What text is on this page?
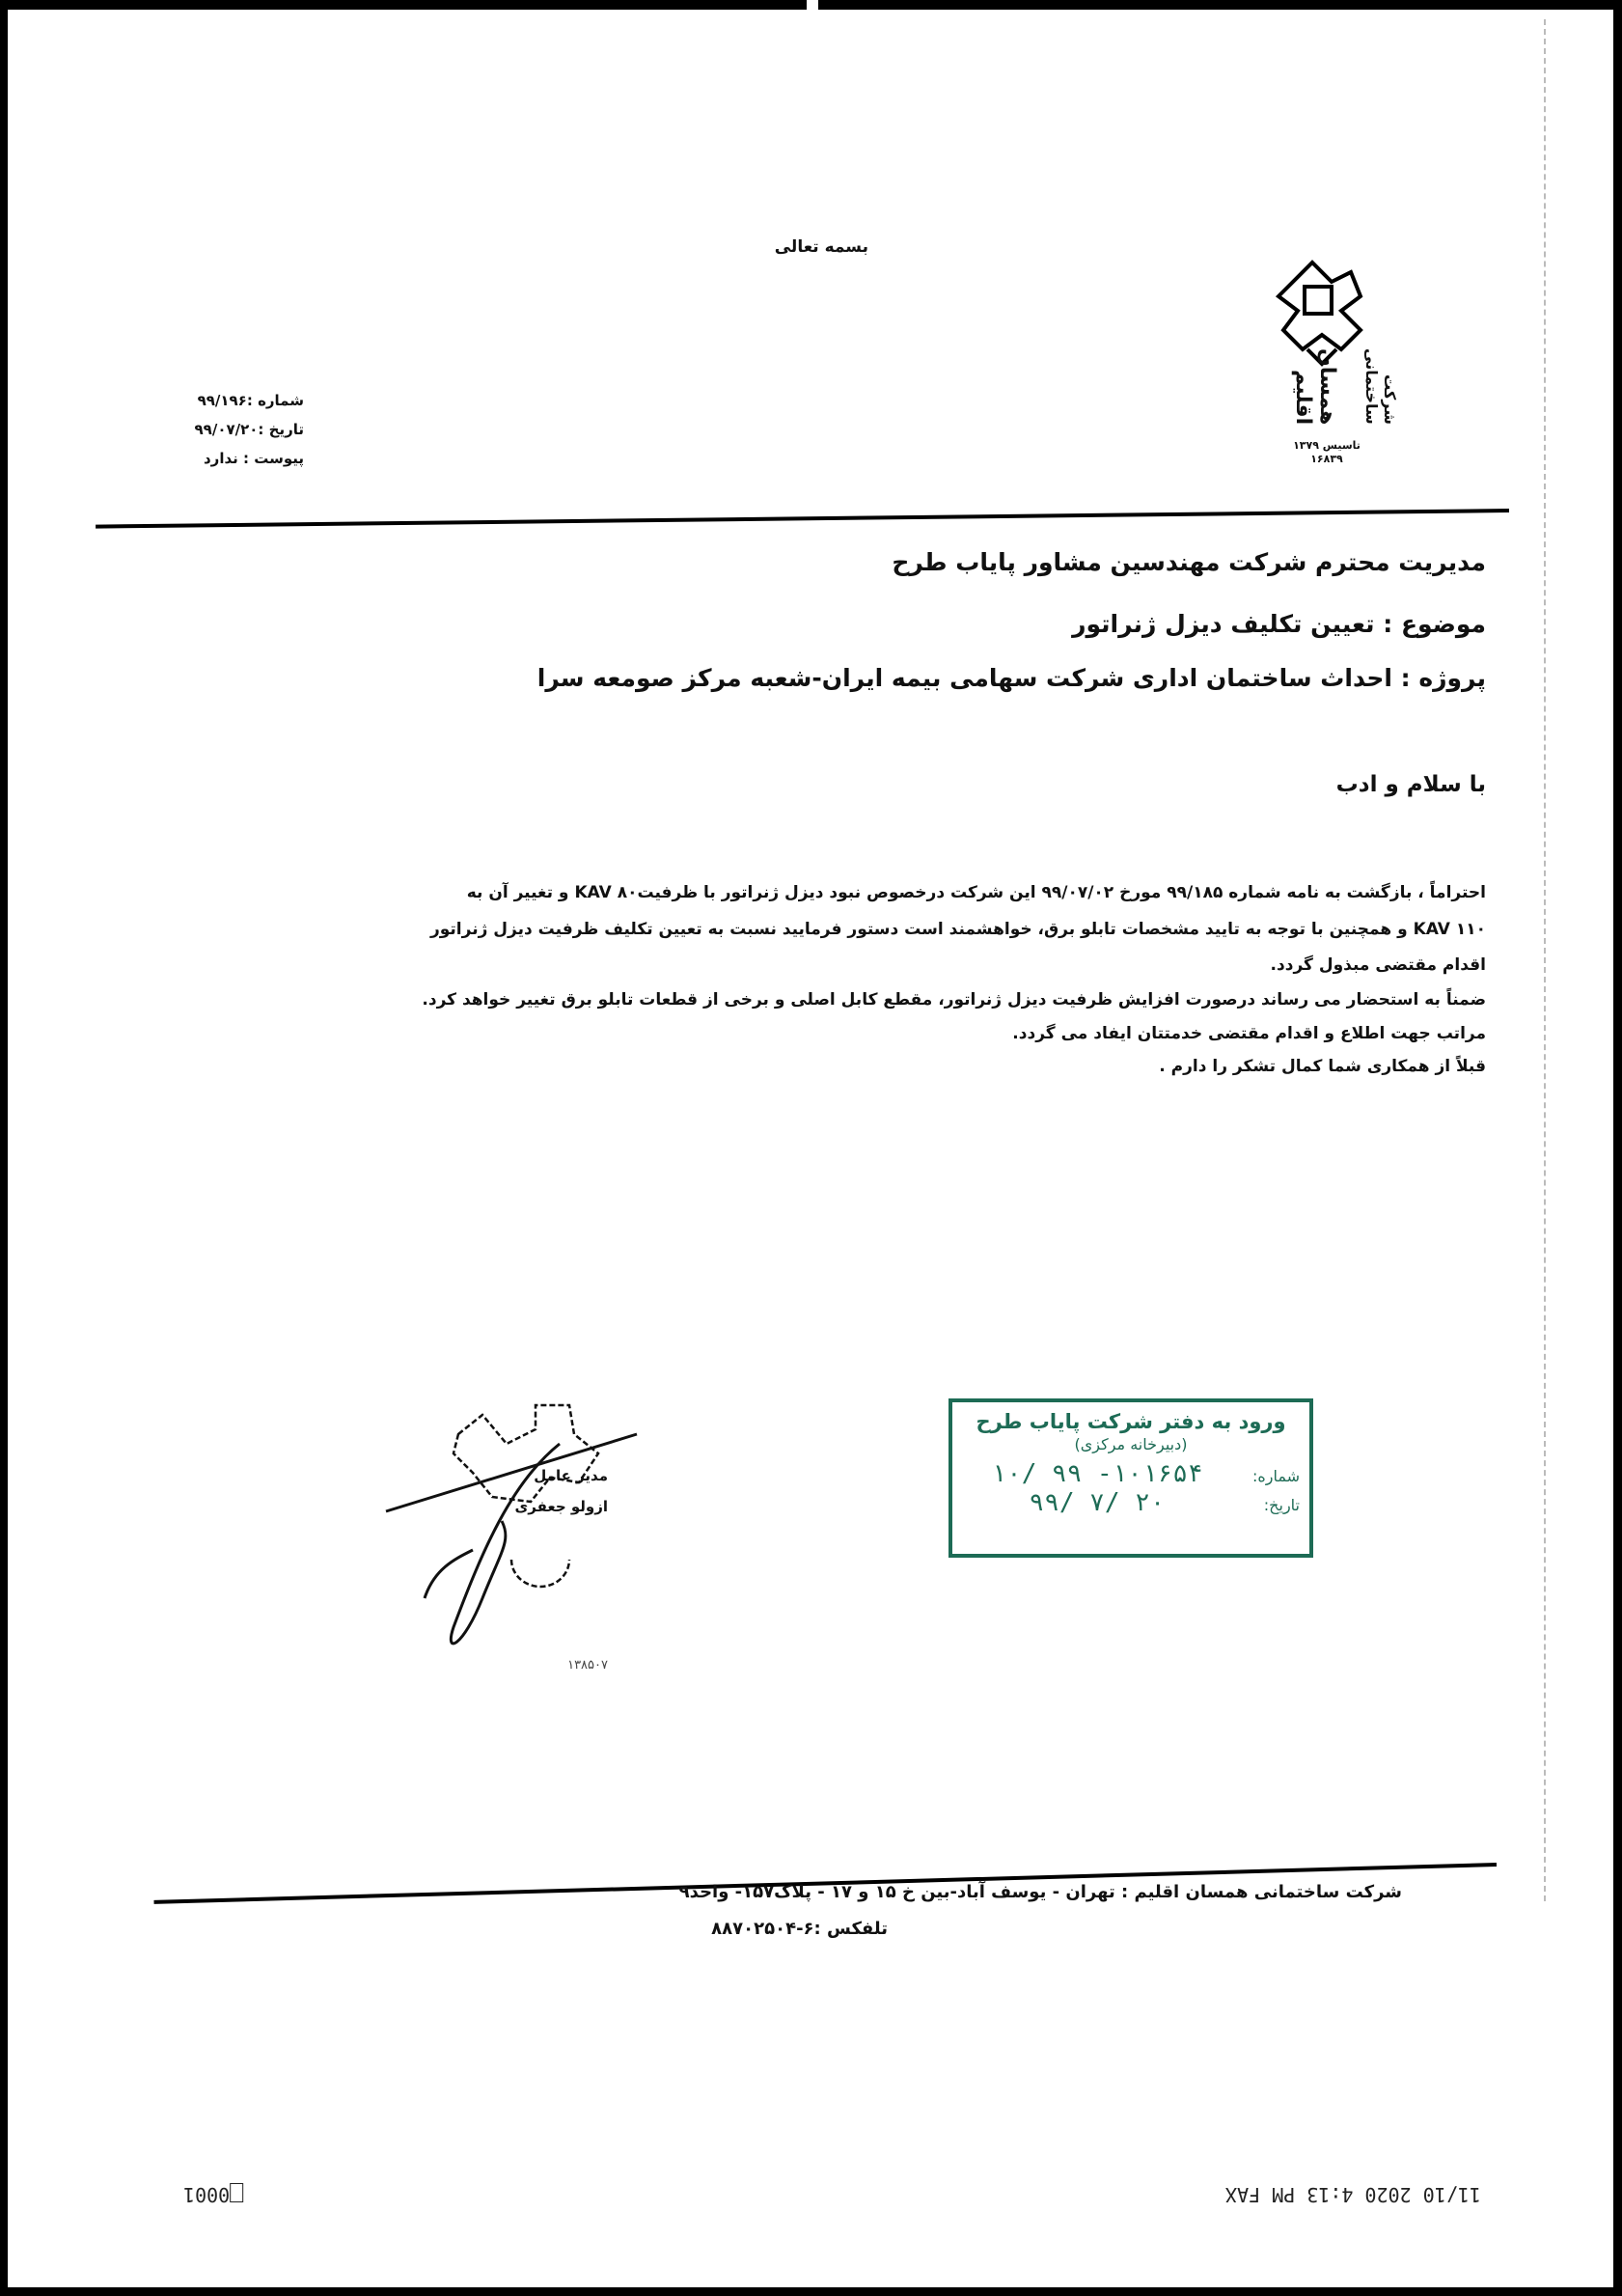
بسمه تعالی
همسان اقلیم	شرکت ساختمانی
تاسیس ۱۳۷۹
۱۶۸۳۹
شماره :۹۹/۱۹۶
تاریخ :۹۹/۰۷/۲۰
پیوست : ندارد
مدیریت محترم شرکت مهندسین مشاور پایاب طرح
موضوع : تعیین تکلیف دیزل ژنراتور
پروژه : احداث ساختمان اداری شرکت سهامی بیمه ایران-شعبه مرکز صومعه سرا
با سلام و ادب

احتراماً ، بازگشت به نامه شماره ۹۹/۱۸۵ مورخ ۹۹/۰۷/۰۲ این شرکت درخصوص نبود دیزل ژنراتور با ظرفیتKAV ۸۰ و تغییر آن به

KAV ۱۱۰ و همچنین با توجه به تایید مشخصات تابلو برق، خواهشمند است دستور فرمایید نسبت به تعیین تکلیف ظرفیت دیزل ژنراتور

اقدام مقتضی مبذول گردد.

ضمناً به استحضار می رساند درصورت افزایش ظرفیت دیزل ژنراتور، مقطع کابل اصلی و برخی از قطعات تابلو برق تغییر خواهد کرد.

مراتب جهت اطلاع و اقدام مقتضی خدمتتان ایفاد می گردد.

قبلاً از همکاری شما کمال تشکر را دارم .

مدیر عامل
ازولو جعفری
۱۳۸۵۰۷
ورود به دفتر شرکت پایاب طرح
(دبیرخانه مرکزی)
شماره:
۱۰/ ۹۹ -۱۰۱۶۵۴
تاریخ:
۹۹/ ۷/ ۲۰
شرکت ساختمانی همسان اقلیم : تهران - یوسف آباد-بین خ ۱۵ و ۱۷ - پلاک۱۵۷- واحد۹
تلفکس :۶-۸۸۷۰۲۵۰۴
11/10 2020 4:13 PM FAX
0001
